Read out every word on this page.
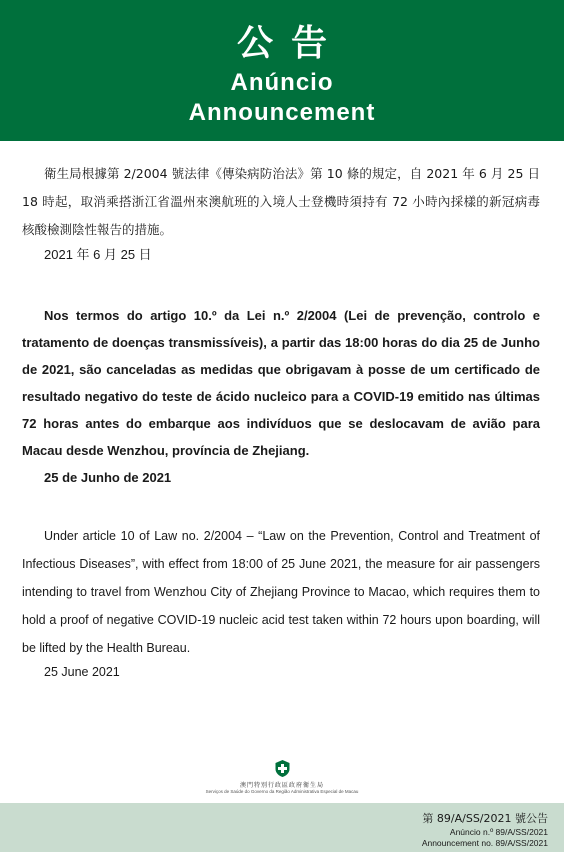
公告
Anúncio
Announcement
衛生局根據第 2/2004 號法律《傳染病防治法》第 10 條的規定，自 2021 年 6 月 25 日 18 時起，取消乘搭浙江省溫州來澳航班的入境人士登機時須持有 72 小時內採樣的新冠病毒核酸檢測陰性報告的措施。
2021 年 6 月 25 日
Nos termos do artigo 10.º da Lei n.º 2/2004 (Lei de prevenção, controlo e tratamento de doenças transmissíveis), a partir das 18:00 horas do dia 25 de Junho de 2021, são canceladas as medidas que obrigavam à posse de um certificado de resultado negativo do teste de ácido nucleico para a COVID-19 emitido nas últimas 72 horas antes do embarque aos indivíduos que se deslocavam de avião para Macau desde Wenzhou, província de Zhejiang.
25 de Junho de 2021
Under article 10 of Law no. 2/2004 – “Law on the Prevention, Control and Treatment of Infectious Diseases”, with effect from 18:00 of 25 June 2021, the measure for air passengers intending to travel from Wenzhou City of Zhejiang Province to Macao, which requires them to hold a proof of negative COVID-19 nucleic acid test taken within 72 hours upon boarding, will be lifted by the Health Bureau.
25 June 2021
澳門特別行政區政府衛生局
Serviços de Saúde do Governo da Região Administrativa Especial de Macau
第 89/A/SS/2021 號公告
Anúncio n.º 89/A/SS/2021
Announcement no. 89/A/SS/2021
